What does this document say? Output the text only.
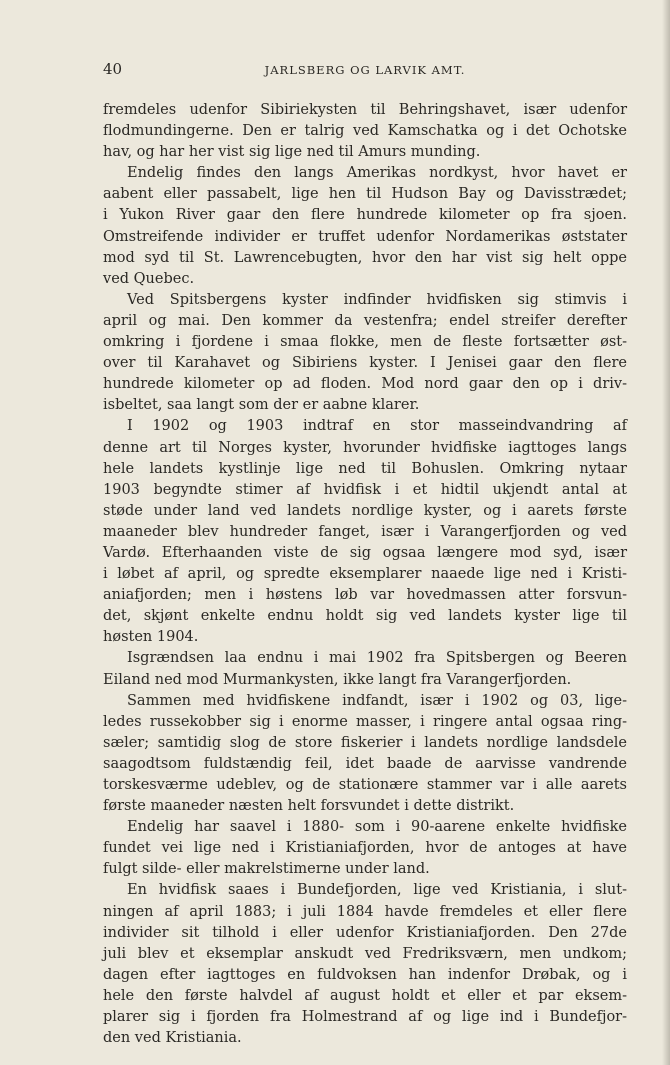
40	JARLSBERG OG LARVIK AMT.
fremdeles udenfor Sibiriekysten til Behringshavet, især udenfor
flodmundingerne. Den er talrig ved Kamschatka og i det Ochotske
hav, og har her vist sig lige ned til Amurs munding.
Endelig findes den langs Amerikas nordkyst, hvor havet er
aabent eller passabelt, lige hen til Hudson Bay og Davisstrædet;
i Yukon River gaar den flere hundrede kilometer op fra sjoen.
Omstreifende individer er truffet udenfor Nordamerikas øststater
mod syd til St. Lawrencebugten, hvor den har vist sig helt oppe
ved Quebec.
Ved Spitsbergens kyster indfinder hvidfisken sig stimvis i
april og mai. Den kommer da vestenfra; endel streifer derefter
omkring i fjordene i smaa flokke, men de fleste fortsætter øst-
over til Karahavet og Sibiriens kyster. I Jenisei gaar den flere
hundrede kilometer op ad floden. Mod nord gaar den op i driv-
isbeltet, saa langt som der er aabne klarer.
I 1902 og 1903 indtraf en stor masseindvandring af
denne art til Norges kyster, hvorunder hvidfiske iagttoges langs
hele landets kystlinje lige ned til Bohuslen. Omkring nytaar
1903 begyndte stimer af hvidfisk i et hidtil ukjendt antal at
støde under land ved landets nordlige kyster, og i aarets første
maaneder blev hundreder fanget, især i Varangerfjorden og ved
Vardø. Efterhaanden viste de sig ogsaa længere mod syd, især
i løbet af april, og spredte eksemplarer naaede lige ned i Kristi-
aniafjorden; men i høstens løb var hovedmassen atter forsvun-
det, skjønt enkelte endnu holdt sig ved landets kyster lige til
høsten 1904.
Isgrændsen laa endnu i mai 1902 fra Spitsbergen og Beeren
Eiland ned mod Murmankysten, ikke langt fra Varangerfjorden.
Sammen med hvidfiskene indfandt, især i 1902 og 03, lige-
ledes russekobber sig i enorme masser, i ringere antal ogsaa ring-
sæler; samtidig slog de store fiskerier i landets nordlige landsdele
saagodtsom fuldstændig feil, idet baade de aarvisse vandrende
torskesværme udeblev, og de stationære stammer var i alle aarets
første maaneder næsten helt forsvundet i dette distrikt.
Endelig har saavel i 1880- som i 90-aarene enkelte hvidfiske
fundet vei lige ned i Kristianiafjorden, hvor de antoges at have
fulgt silde- eller makrelstimerne under land.
En hvidfisk saaes i Bundefjorden, lige ved Kristiania, i slut-
ningen af april 1883; i juli 1884 havde fremdeles et eller flere
individer sit tilhold i eller udenfor Kristianiafjorden. Den 27de
juli blev et eksemplar anskudt ved Fredriksværn, men undkom;
dagen efter iagttoges en fuldvoksen han indenfor Drøbak, og i
hele den første halvdel af august holdt et eller et par eksem-
plarer sig i fjorden fra Holmestrand af og lige ind i Bundefjor-
den ved Kristiania.
